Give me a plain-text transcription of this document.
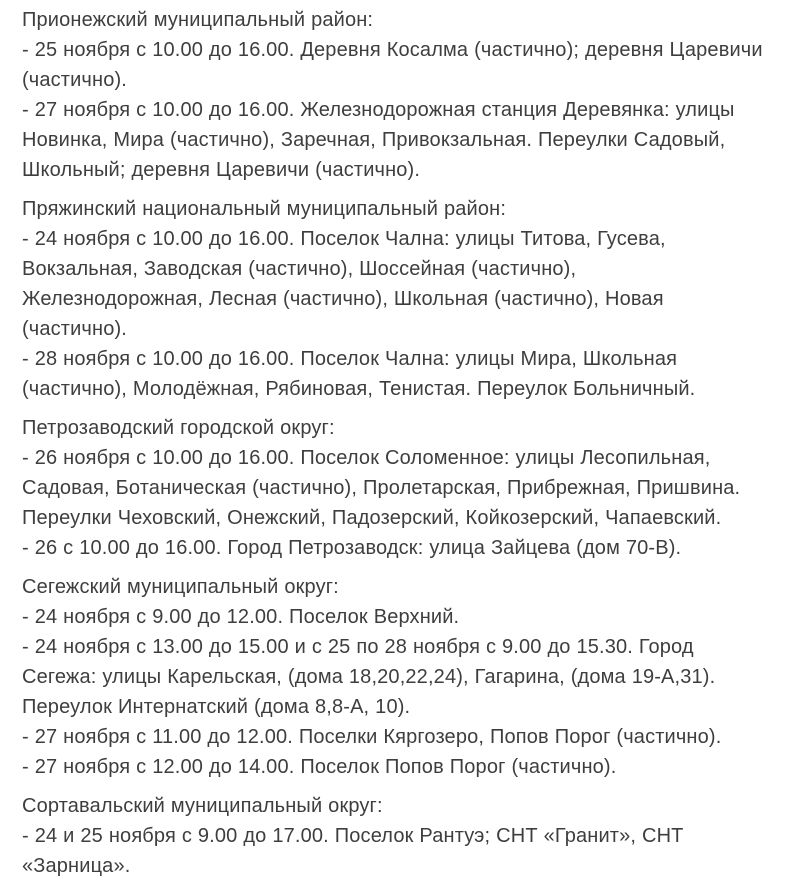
Прионежский муниципальный район:

- 25 ноября с 10.00 до 16.00. Деревня Косалма (частично); деревня Царевичи (частично).

- 27 ноября с 10.00 до 16.00. Железнодорожная станция Деревянка: улицы Новинка, Мира (частично), Заречная, Привокзальная. Переулки Садовый, Школьный; деревня Царевичи (частично).

Пряжинский национальный муниципальный район:

- 24 ноября с 10.00 до 16.00. Поселок Чална: улицы Титова, Гусева, Вокзальная, Заводская (частично), Шоссейная (частично), Железнодорожная, Лесная (частично), Школьная (частично), Новая (частично).

- 28 ноября с 10.00 до 16.00. Поселок Чална: улицы Мира, Школьная (частично), Молодёжная, Рябиновая, Тенистая. Переулок Больничный.

Петрозаводский городской округ:

- 26 ноября с 10.00 до 16.00. Поселок Соломенное: улицы Лесопильная, Садовая, Ботаническая (частично), Пролетарская, Прибрежная, Пришвина. Переулки Чеховский, Онежский, Падозерский, Койкозерский, Чапаевский.

- 26 с 10.00 до 16.00. Город Петрозаводск: улица Зайцева (дом 70-В).

Сегежский муниципальный округ:

- 24 ноября с 9.00 до 12.00. Поселок Верхний.

- 24 ноября с 13.00 до 15.00 и с 25 по 28 ноября с 9.00 до 15.30. Город Сегежа: улицы Карельская, (дома 18,20,22,24), Гагарина, (дома 19-А,31). Переулок Интернатский (дома 8,8-А, 10).

- 27 ноября с 11.00 до 12.00. Поселки Кяргозеро, Попов Порог (частично).

- 27 ноября с 12.00 до 14.00. Поселок Попов Порог (частично).

Сортавальский муниципальный округ:

- 24 и 25 ноября с 9.00 до 17.00. Поселок Рантуэ; СНТ «Гранит», СНТ «Зарница».
